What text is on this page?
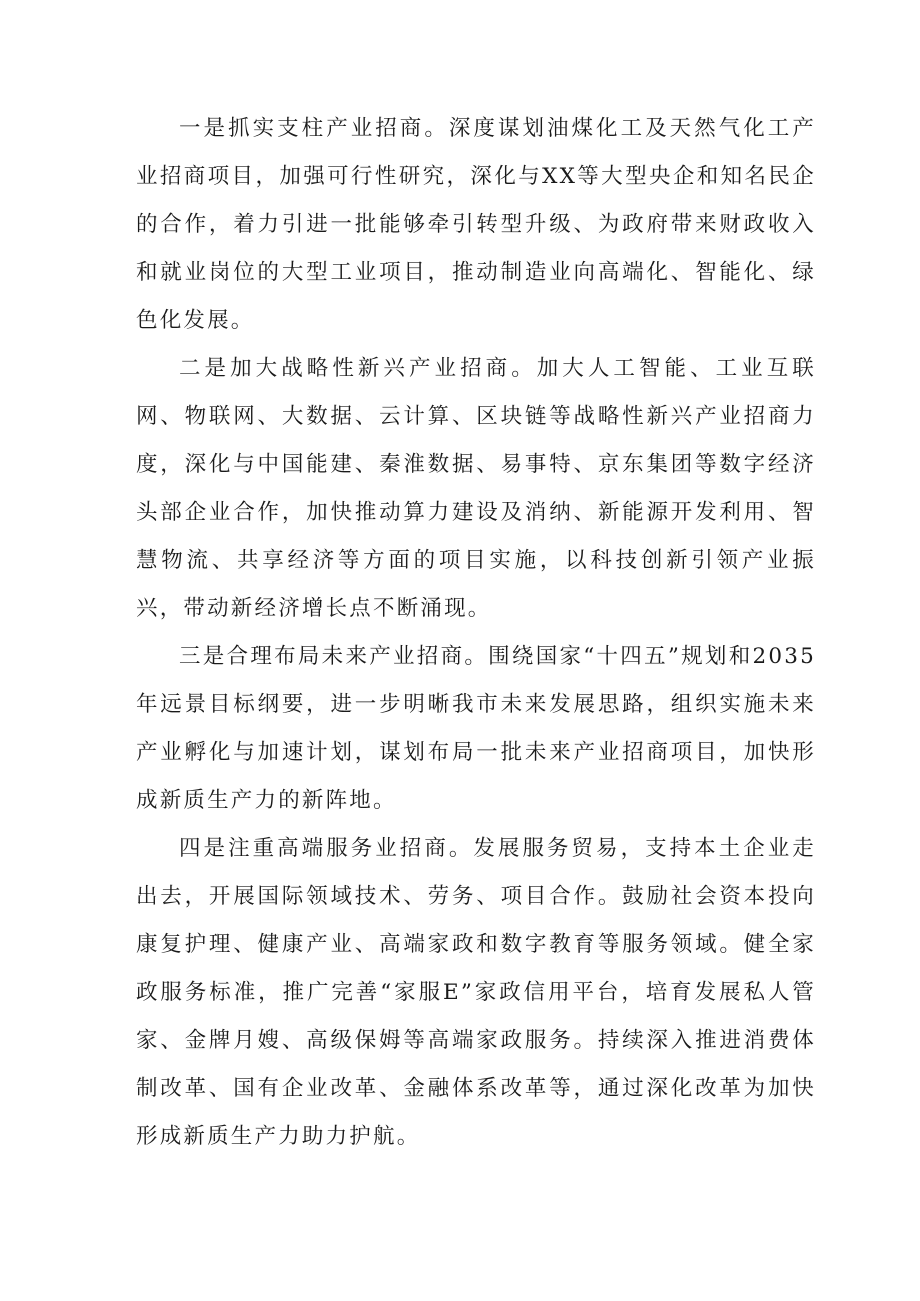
一是抓实支柱产业招商。深度谋划油煤化工及天然气化工产业招商项目，加强可行性研究，深化与XX等大型央企和知名民企的合作，着力引进一批能够牵引转型升级、为政府带来财政收入和就业岗位的大型工业项目，推动制造业向高端化、智能化、绿色化发展。

二是加大战略性新兴产业招商。加大人工智能、工业互联网、物联网、大数据、云计算、区块链等战略性新兴产业招商力度，深化与中国能建、秦淮数据、易事特、京东集团等数字经济头部企业合作，加快推动算力建设及消纳、新能源开发利用、智慧物流、共享经济等方面的项目实施，以科技创新引领产业振兴，带动新经济增长点不断涌现。

三是合理布局未来产业招商。围绕国家“十四五”规划和2035年远景目标纲要，进一步明晰我市未来发展思路，组织实施未来产业孵化与加速计划，谋划布局一批未来产业招商项目，加快形成新质生产力的新阵地。

四是注重高端服务业招商。发展服务贸易，支持本土企业走出去，开展国际领域技术、劳务、项目合作。鼓励社会资本投向康复护理、健康产业、高端家政和数字教育等服务领域。健全家政服务标准，推广完善“家服E”家政信用平台，培育发展私人管家、金牌月嫂、高级保姆等高端家政服务。持续深入推进消费体制改革、国有企业改革、金融体系改革等，通过深化改革为加快形成新质生产力助力护航。
